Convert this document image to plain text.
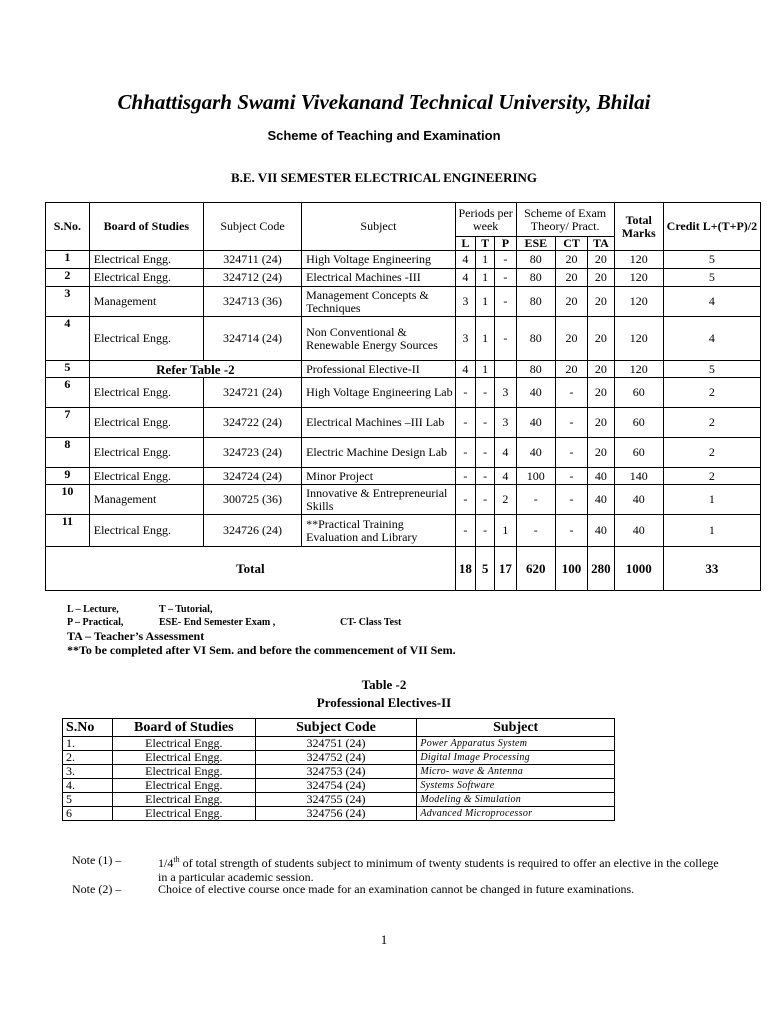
Chhattisgarh Swami Vivekanand Technical University, Bhilai
Scheme of Teaching and Examination
B.E. VII SEMESTER ELECTRICAL ENGINEERING
S.No.	Board of Studies	Subject Code	Subject	Periods per week			Scheme of Exam Theory/ Pract.			Total Marks	Credit L+(T+P)/2
				L	T	P	ESE	CT	TA		
1	Electrical Engg.	324711 (24)	High Voltage Engineering	4	1	-	80	20	20	120	5
2	Electrical Engg.	324712 (24)	Electrical Machines -III	4	1	-	80	20	20	120	5
3	Management	324713 (36)	Management Concepts & Techniques	3	1	-	80	20	20	120	4
4	Electrical Engg.	324714 (24)	Non Conventional & Renewable Energy Sources	3	1	-	80	20	20	120	4
5	Refer Table -2		Professional Elective-II	4	1		80	20	20	120	5
6	Electrical Engg.	324721 (24)	High Voltage Engineering Lab	-	-	3	40	-	20	60	2
7	Electrical Engg.	324722 (24)	Electrical Machines –III Lab	-	-	3	40	-	20	60	2
8	Electrical Engg.	324723 (24)	Electric Machine Design Lab	-	-	4	40	-	20	60	2
9	Electrical Engg.	324724 (24)	Minor Project	-	-	4	100	-	40	140	2
10	Management	300725 (36)	Innovative & Entrepreneurial Skills	-	-	2	-	-	40	40	1
11	Electrical Engg.	324726 (24)	**Practical Training Evaluation and Library	-	-	1	-	-	40	40	1
Total				18	5	17	620	100	280	1000	33
L – Lecture,	T – Tutorial,
P – Practical,	ESE- End Semester Exam ,	CT- Class Test
TA – Teacher’s Assessment
**To be completed after VI Sem. and before the commencement of VII Sem.
Table -2
Professional Electives-II
S.No	Board of Studies	Subject Code	Subject
1.	Electrical Engg.	324751 (24)	Power Apparatus System
2.	Electrical Engg.	324752 (24)	Digital Image Processing
3.	Electrical Engg.	324753 (24)	Micro- wave & Antenna
4.	Electrical Engg.	324754 (24)	Systems Software
5	Electrical Engg.	324755 (24)	Modeling & Simulation
6	Electrical Engg.	324756 (24)	Advanced Microprocessor
Note (1) –	1/4th of total strength of students subject to minimum of twenty students is required to offer an elective in the college in a particular academic session.
Note (2) –	Choice of elective course once made for an examination cannot be changed in future examinations.
1
